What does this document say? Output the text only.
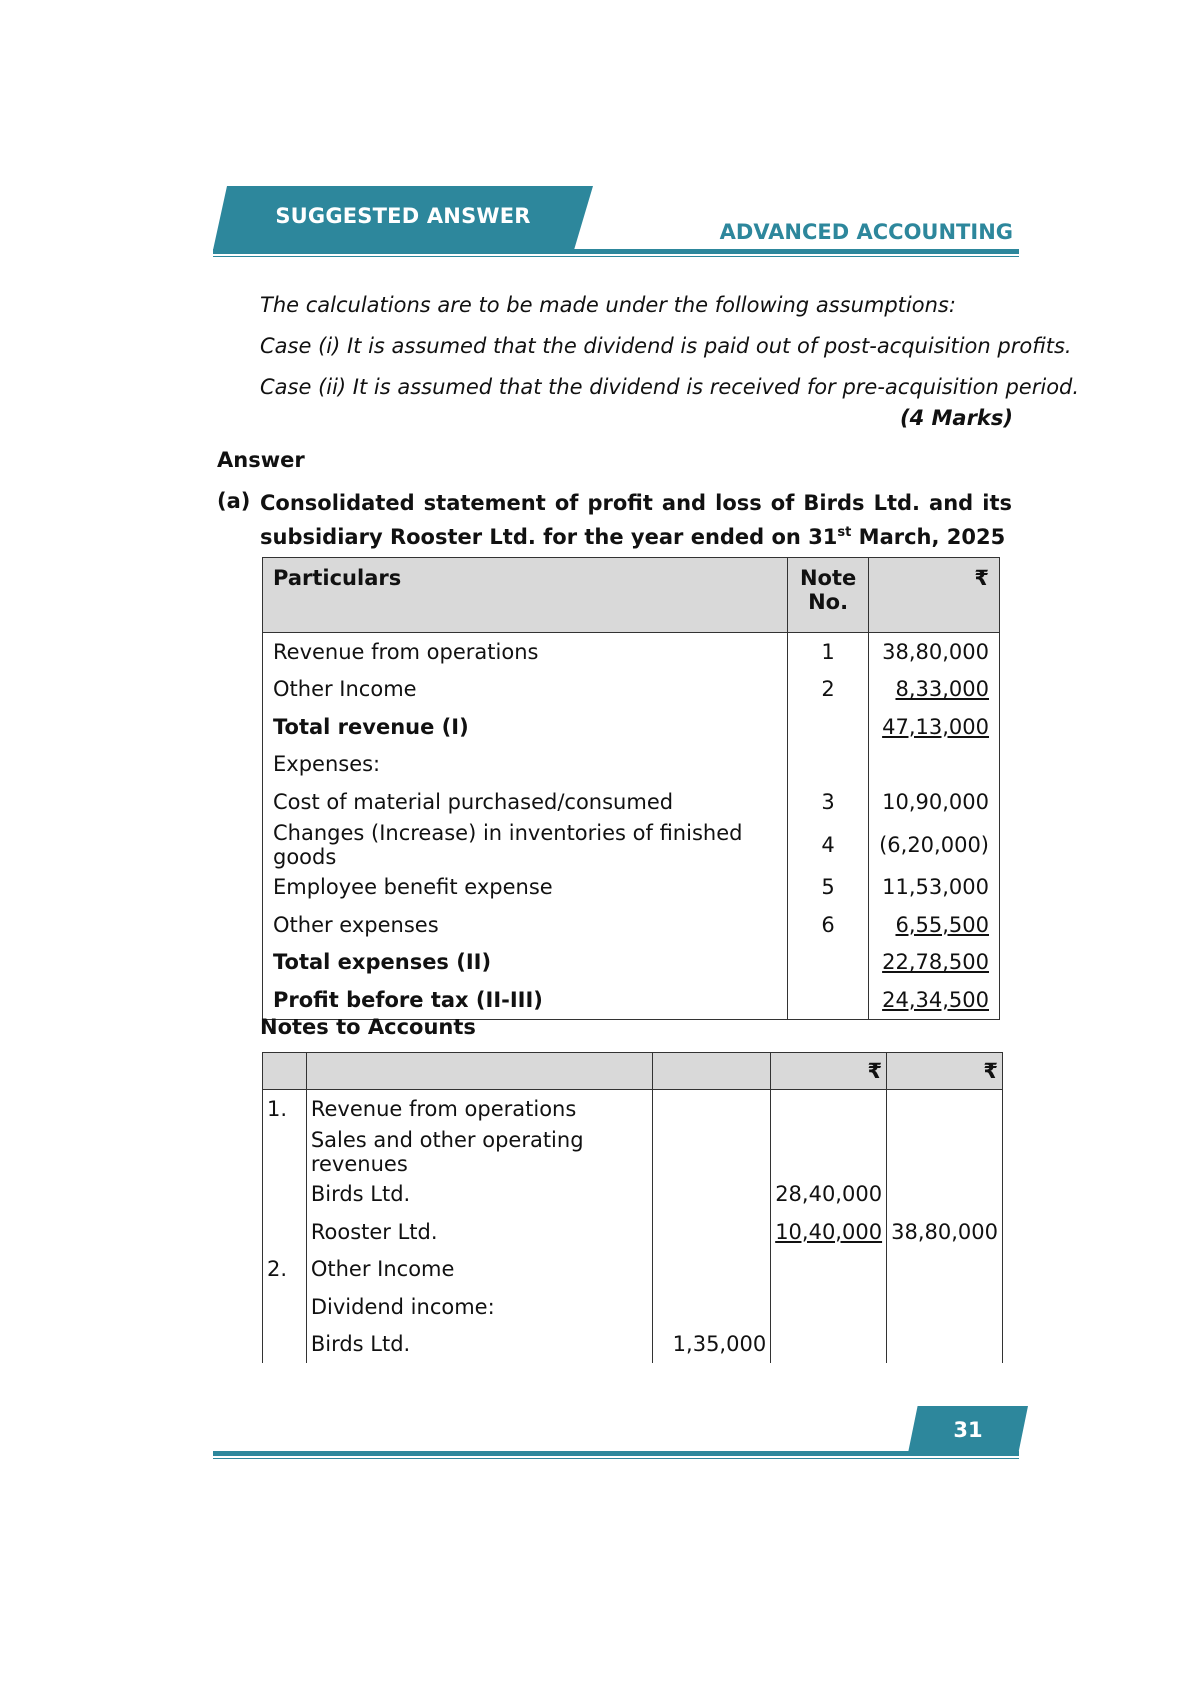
SUGGESTED ANSWER
ADVANCED ACCOUNTING
The calculations are to be made under the following assumptions:
Case (i) It is assumed that the dividend is paid out of post-acquisition profits.
Case (ii) It is assumed that the dividend is received for pre-acquisition period.
(4 Marks)
Answer
(a) Consolidated statement of profit and loss of Birds Ltd. and its subsidiary Rooster Ltd. for the year ended on 31st March, 2025
Particulars	Note No.	₹
Revenue from operations	1	38,80,000
Other Income	2	8,33,000
Total revenue (I)		47,13,000
Expenses:		
Cost of material purchased/consumed	3	10,90,000
Changes (Increase) in inventories of finished goods	4	(6,20,000)
Employee benefit expense	5	11,53,000
Other expenses	6	6,55,500
Total expenses (II)		22,78,500
Profit before tax (II-III)		24,34,500
Notes to Accounts
			₹	₹
1.	Revenue from operations			
	Sales and other operating revenues			
	Birds Ltd.		28,40,000	
	Rooster Ltd.		10,40,000	38,80,000
2.	Other Income			
	Dividend income:			
	Birds Ltd.	1,35,000		
31
